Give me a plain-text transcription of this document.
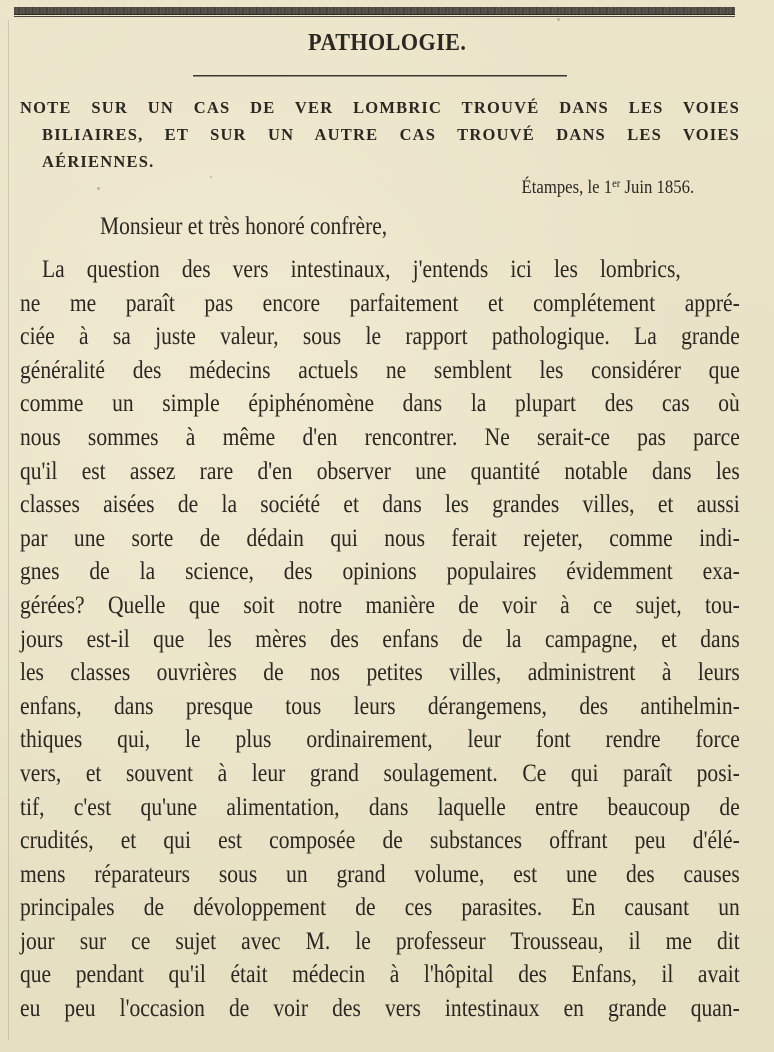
PATHOLOGIE.
NOTE SUR UN CAS DE VER LOMBRIC TROUVÉ DANS LES VOIES
BILIAIRES, ET SUR UN AUTRE CAS TROUVÉ DANS LES VOIES
AÉRIENNES.
Étampes, le 1er Juin 1856.
Monsieur et très honoré confrère,
La question des vers intestinaux, j'entends ici les lombrics,
ne me paraît pas encore parfaitement et complétement appré-
ciée à sa juste valeur, sous le rapport pathologique. La grande
généralité des médecins actuels ne semblent les considérer que
comme un simple épiphénomène dans la plupart des cas où
nous sommes à même d'en rencontrer. Ne serait-ce pas parce
qu'il est assez rare d'en observer une quantité notable dans les
classes aisées de la société et dans les grandes villes, et aussi
par une sorte de dédain qui nous ferait rejeter, comme indi-
gnes de la science, des opinions populaires évidemment exa-
gérées? Quelle que soit notre manière de voir à ce sujet, tou-
jours est-il que les mères des enfans de la campagne, et dans
les classes ouvrières de nos petites villes, administrent à leurs
enfans, dans presque tous leurs dérangemens, des antihelmin-
thiques qui, le plus ordinairement, leur font rendre force
vers, et souvent à leur grand soulagement. Ce qui paraît posi-
tif, c'est qu'une alimentation, dans laquelle entre beaucoup de
crudités, et qui est composée de substances offrant peu d'élé-
mens réparateurs sous un grand volume, est une des causes
principales de dévoloppement de ces parasites. En causant un
jour sur ce sujet avec M. le professeur Trousseau, il me dit
que pendant qu'il était médecin à l'hôpital des Enfans, il avait
eu peu l'occasion de voir des vers intestinaux en grande quan-
